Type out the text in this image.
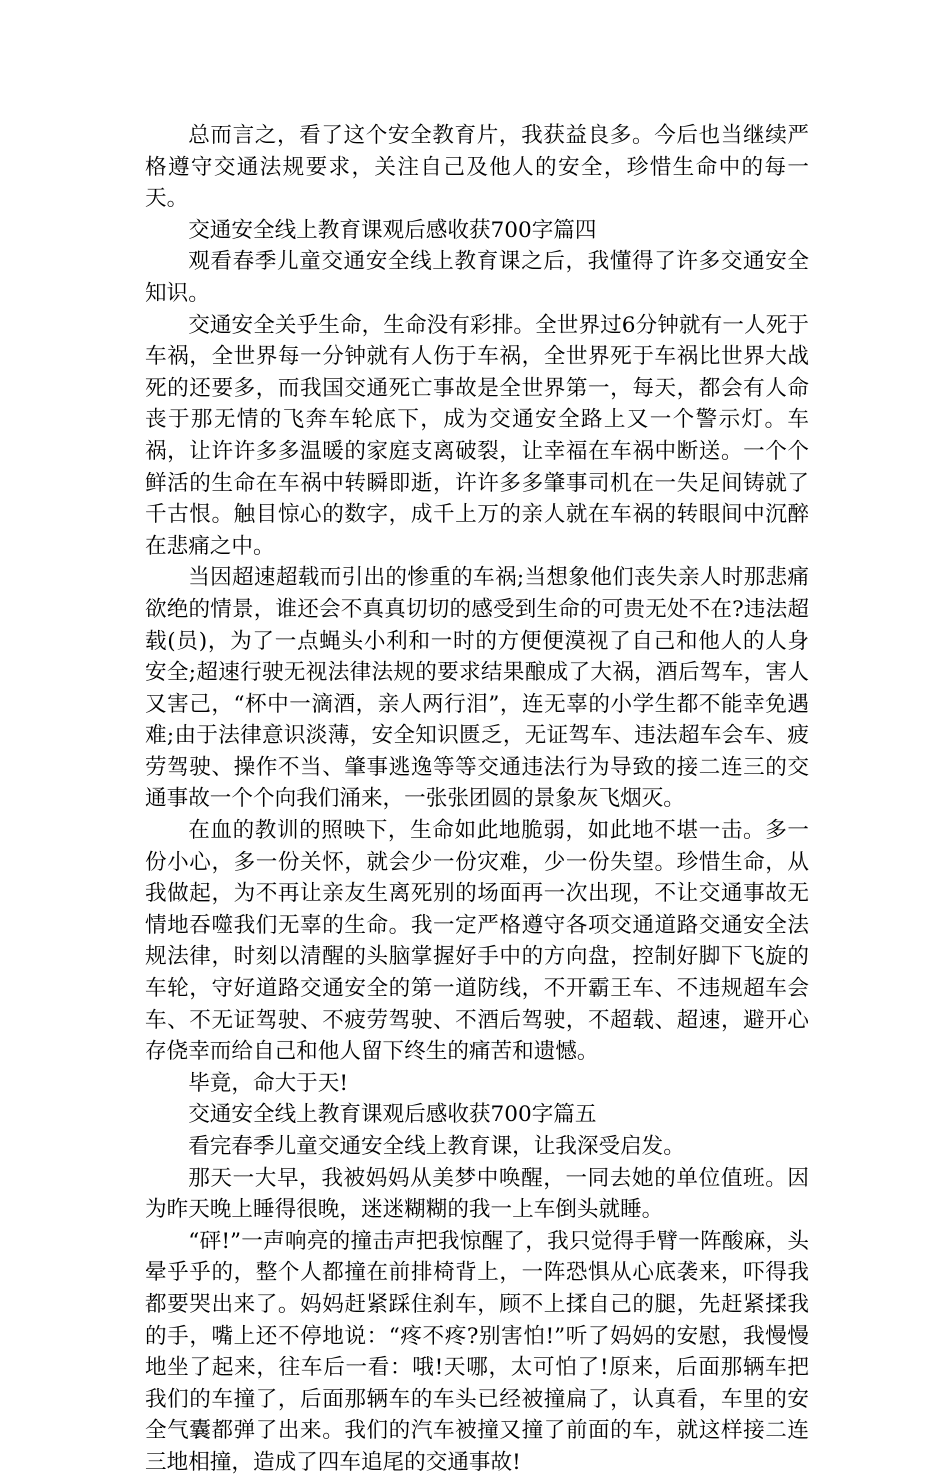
总而言之，看了这个安全教育片，我获益良多。今后也当继续严格遵守交通法规要求，关注自己及他人的安全，珍惜生命中的每一天。

交通安全线上教育课观后感收获700字篇四

观看春季儿童交通安全线上教育课之后，我懂得了许多交通安全知识。

交通安全关乎生命，生命没有彩排。全世界过6分钟就有一人死于车祸，全世界每一分钟就有人伤于车祸，全世界死于车祸比世界大战死的还要多，而我国交通死亡事故是全世界第一，每天，都会有人命丧于那无情的飞奔车轮底下，成为交通安全路上又一个警示灯。车祸，让许许多多温暖的家庭支离破裂，让幸福在车祸中断送。一个个鲜活的生命在车祸中转瞬即逝，许许多多肇事司机在一失足间铸就了千古恨。触目惊心的数字，成千上万的亲人就在车祸的转眼间中沉醉在悲痛之中。

当因超速超载而引出的惨重的车祸;当想象他们丧失亲人时那悲痛欲绝的情景，谁还会不真真切切的感受到生命的可贵无处不在?违法超载(员)，为了一点蝇头小利和一时的方便便漠视了自己和他人的人身安全;超速行驶无视法律法规的要求结果酿成了大祸，酒后驾车，害人又害己，“杯中一滴酒，亲人两行泪”，连无辜的小学生都不能幸免遇难;由于法律意识淡薄，安全知识匮乏，无证驾车、违法超车会车、疲劳驾驶、操作不当、肇事逃逸等等交通违法行为导致的接二连三的交通事故一个个向我们涌来，一张张团圆的景象灰飞烟灭。

在血的教训的照映下，生命如此地脆弱，如此地不堪一击。多一份小心，多一份关怀，就会少一份灾难，少一份失望。珍惜生命，从我做起，为不再让亲友生离死别的场面再一次出现，不让交通事故无情地吞噬我们无辜的生命。我一定严格遵守各项交通道路交通安全法规法律，时刻以清醒的头脑掌握好手中的方向盘，控制好脚下飞旋的车轮，守好道路交通安全的第一道防线，不开霸王车、不违规超车会车、不无证驾驶、不疲劳驾驶、不酒后驾驶，不超载、超速，避开心存侥幸而给自己和他人留下终生的痛苦和遗憾。

毕竟，命大于天!

交通安全线上教育课观后感收获700字篇五

看完春季儿童交通安全线上教育课，让我深受启发。

那天一大早，我被妈妈从美梦中唤醒，一同去她的单位值班。因为昨天晚上睡得很晚，迷迷糊糊的我一上车倒头就睡。

“砰!”一声响亮的撞击声把我惊醒了，我只觉得手臂一阵酸麻，头晕乎乎的，整个人都撞在前排椅背上，一阵恐惧从心底袭来，吓得我都要哭出来了。妈妈赶紧踩住刹车，顾不上揉自己的腿，先赶紧揉我的手，嘴上还不停地说：“疼不疼?别害怕!”听了妈妈的安慰，我慢慢地坐了起来，往车后一看：哦!天哪，太可怕了!原来，后面那辆车把我们的车撞了，后面那辆车的车头已经被撞扁了，认真看，车里的安全气囊都弹了出来。我们的汽车被撞又撞了前面的车，就这样接二连三地相撞，造成了四车追尾的交通事故!
